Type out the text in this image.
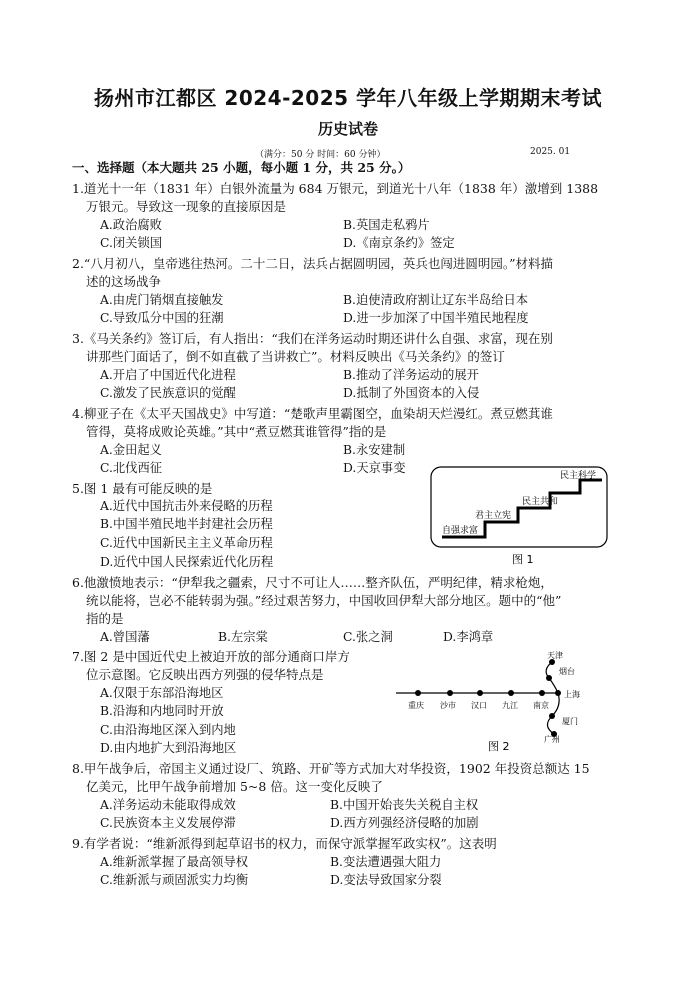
扬州市江都区 2024-2025 学年八年级上学期期末考试
历史试卷
（满分：50 分 时间：60 分钟）	2025. 01
一、选择题（本大题共 25 小题，每小题 1 分，共 25 分。）
1.道光十一年（1831 年）白银外流量为 684 万银元，到道光十八年（1838 年）激增到 1388
万银元。导致这一现象的直接原因是
A.政治腐败	B.英国走私鸦片
C.闭关锁国	D.《南京条约》签定
2.“八月初八，皇帝逃往热河。二十二日，法兵占据圆明园，英兵也闯进圆明园。”材料描
述的这场战争
A.由虎门销烟直接触发	B.迫使清政府割让辽东半岛给日本
C.导致瓜分中国的狂潮	D.进一步加深了中国半殖民地程度
3.《马关条约》签订后，有人指出：“我们在洋务运动时期还讲什么自强、求富，现在别
讲那些门面话了，倒不如直截了当讲救亡”。材料反映出《马关条约》的签订
A.开启了中国近代化进程	B.推动了洋务运动的展开
C.激发了民族意识的觉醒	D.抵制了外国资本的入侵
4.柳亚子在《太平天国战史》中写道：“楚歌声里霸图空，血染胡天烂漫红。煮豆燃萁谁
管得，莫将成败论英雄。”其中“煮豆燃萁谁管得”指的是
A.金田起义	B.永安建制
C.北伐西征	D.天京事变
5.图 1 最有可能反映的是
A.近代中国抗击外来侵略的历程
B.中国半殖民地半封建社会历程
C.近代中国新民主主义革命历程
D.近代中国人民探索近代化历程
自强求富
君主立宪
民主共和
民主科学
图 1
6.他激愤地表示：“伊犁我之疆索，尺寸不可让人……整齐队伍，严明纪律，精求枪炮，
统以能将，岂必不能转弱为强。”经过艰苦努力，中国收回伊犁大部分地区。题中的“他”
指的是
A.曾国藩	B.左宗棠	C.张之洞	D.李鸿章
7.图 2 是中国近代史上被迫开放的部分通商口岸方
位示意图。它反映出西方列强的侵华特点是
A.仅限于东部沿海地区
B.沿海和内地同时开放
C.由沿海地区深入到内地
D.由内地扩大到沿海地区
重庆 沙市 汉口 九江 南京
天津
烟台
上海
厦门
广州
图 2
8.甲午战争后，帝国主义通过设厂、筑路、开矿等方式加大对华投资，1902 年投资总额达 15
亿美元，比甲午战争前增加 5~8 倍。这一变化反映了
A.洋务运动未能取得成效	B.中国开始丧失关税自主权
C.民族资本主义发展停滞	D.西方列强经济侵略的加剧
9.有学者说：“维新派得到起草诏书的权力，而保守派掌握军政实权”。这表明
A.维新派掌握了最高领导权	B.变法遭遇强大阻力
C.维新派与顽固派实力均衡	D.变法导致国家分裂
